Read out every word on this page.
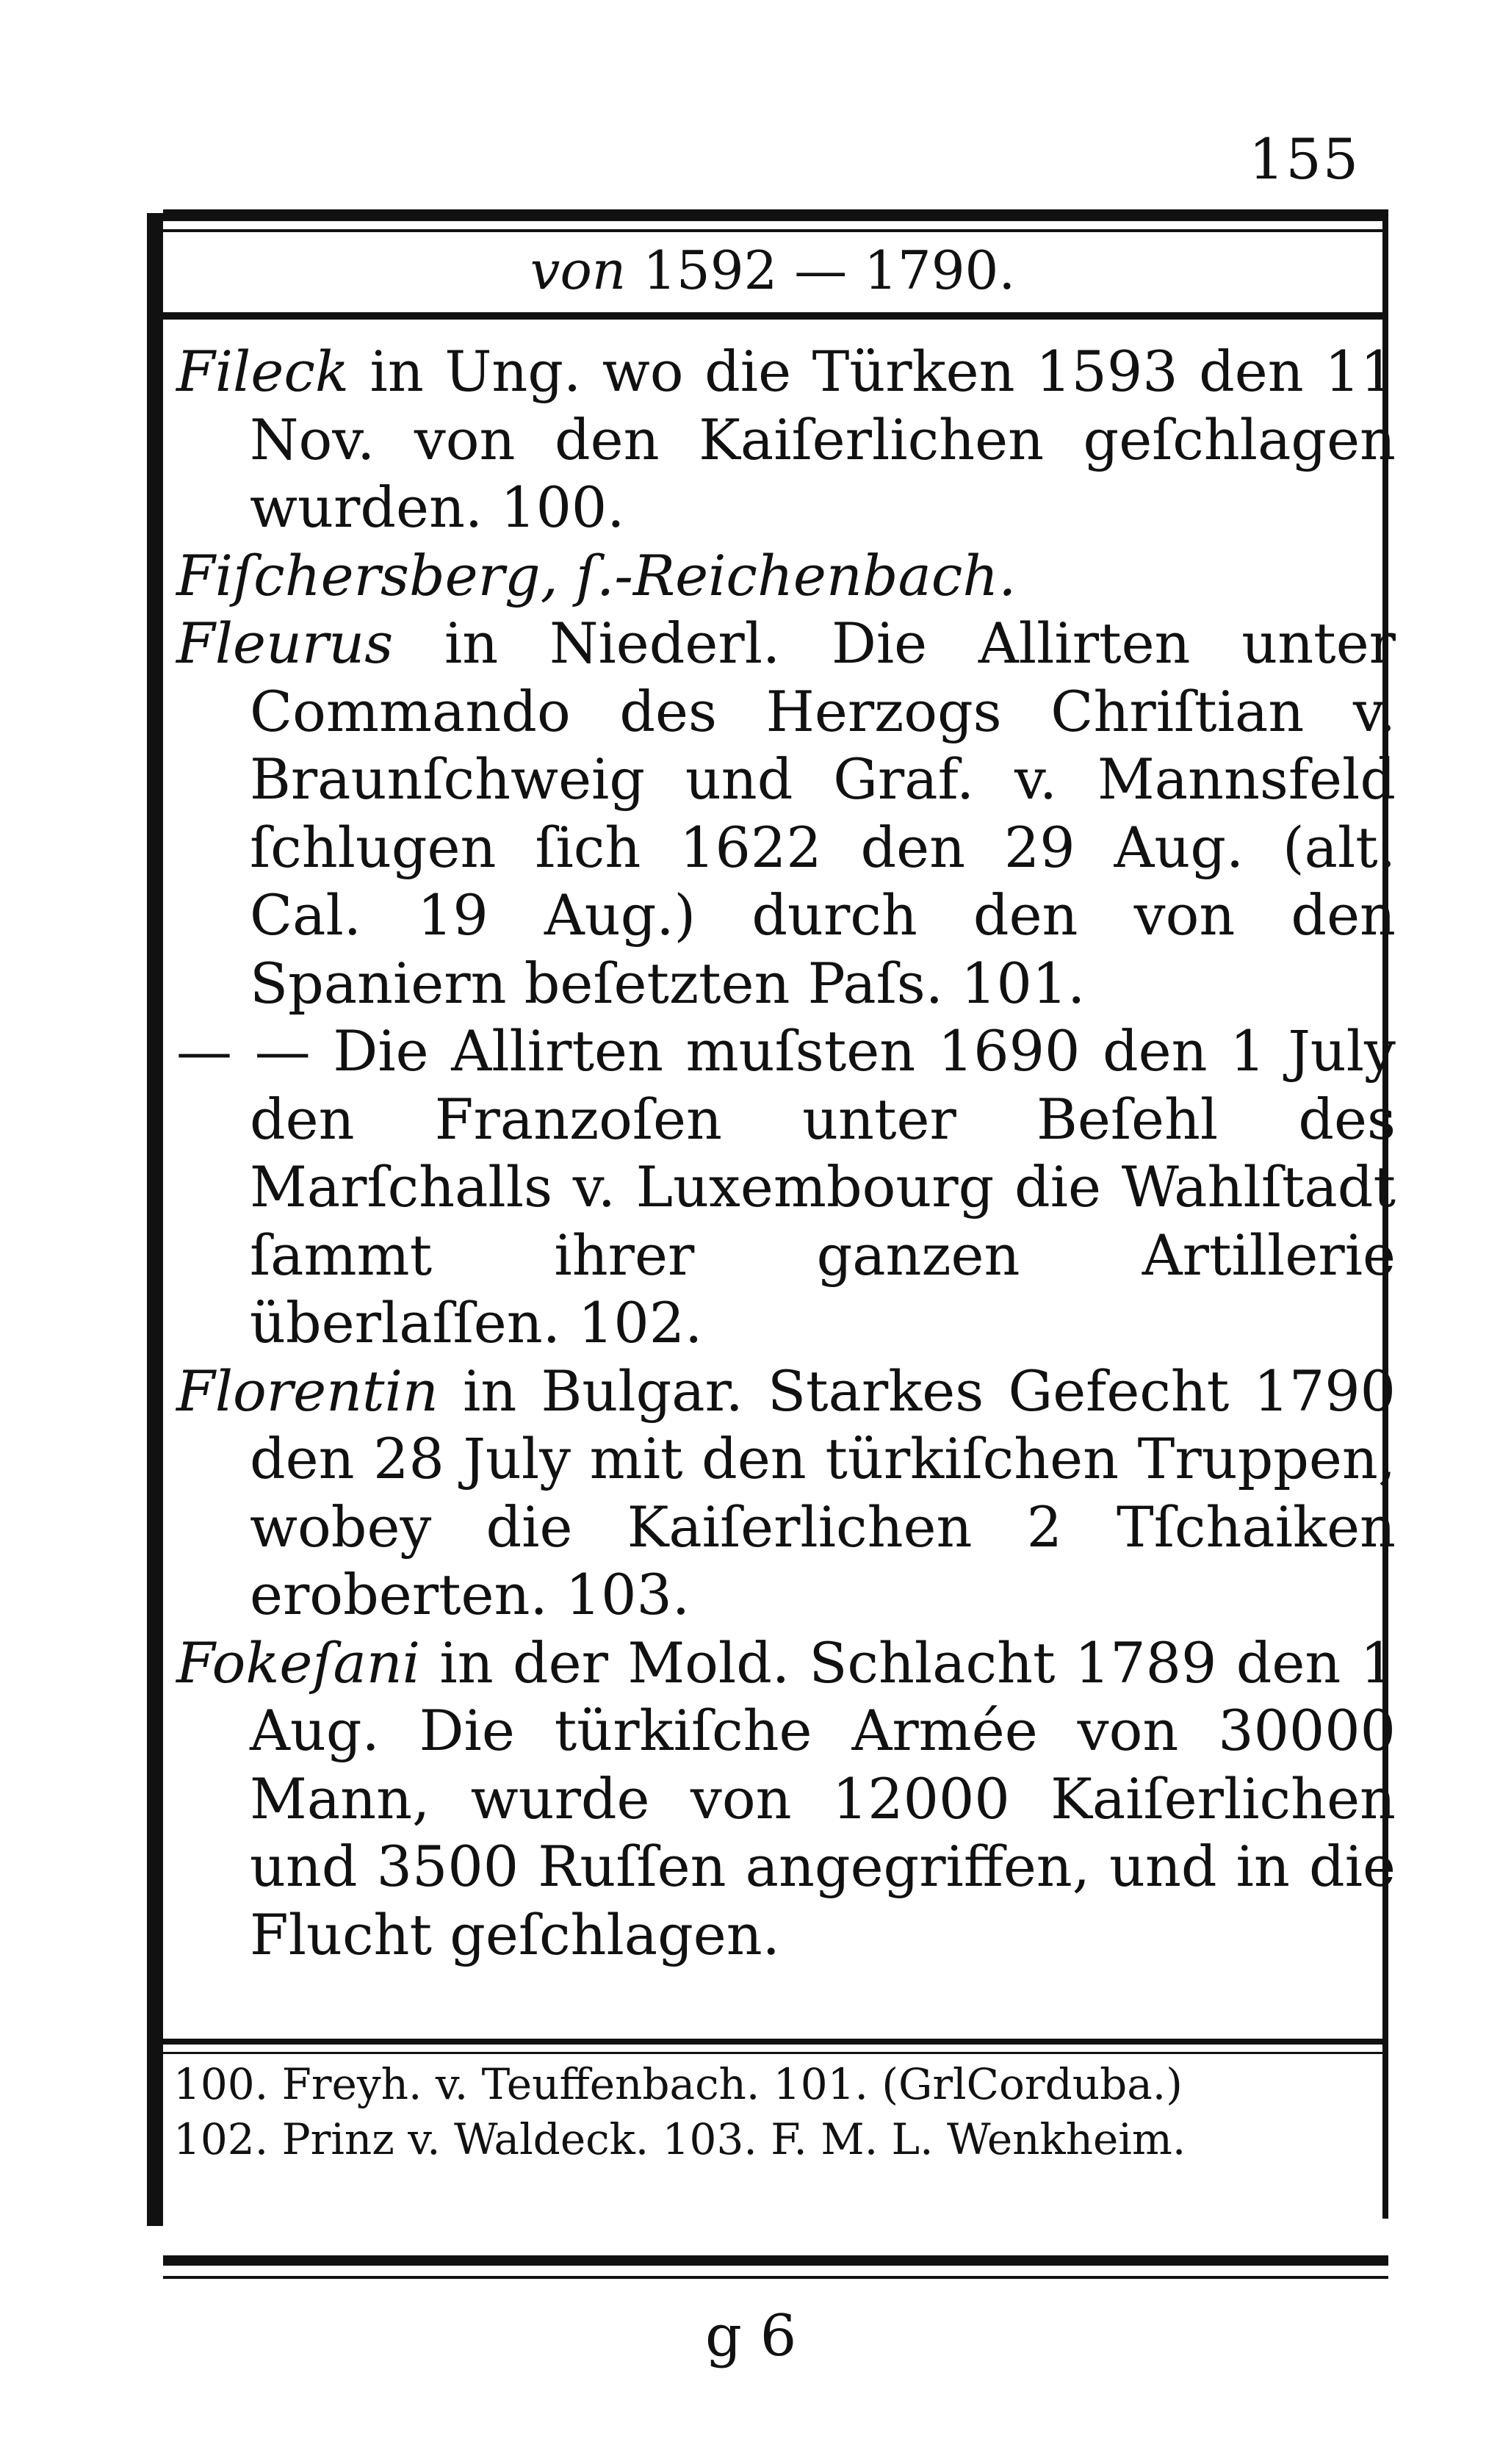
155
von 1592 — 1790.

Fileck in Ung. wo die Türken 1593 den 11 Nov. von den Kaiſerlichen geſchlagen wurden. 100.

Fiſchersberg, ſ.-Reichenbach.

Fleurus in Niederl. Die Allirten unter Commando des Herzogs Chriſtian v. Braunſchweig und Graf. v. Mannsfeld ſchlugen ſich 1622 den 29 Aug. (alt. Cal. 19 Aug.) durch den von den Spaniern beſetzten Paſs. 101.

— — Die Allirten muſsten 1690 den 1 July den Franzoſen unter Beſehl des Marſchalls v. Luxembourg die Wahlſtadt ſammt ihrer ganzen Artillerie überlaſſen. 102.

Florentin in Bulgar. Starkes Gefecht 1790 den 28 July mit den türkiſchen Truppen, wobey die Kaiſerlichen 2 Tſchaiken eroberten. 103.

Fokeſani in der Mold. Schlacht 1789 den 1 Aug. Die türkiſche Armée von 30000 Mann, wurde von 12000 Kaiſerlichen und 3500 Ruſſen angegriffen, und in die Flucht geſchlagen.

100. Freyh. v. Teuffenbach. 101. (GrlCorduba.)

102. Prinz v. Waldeck. 103. F. M. L. Wenkheim.

g 6
